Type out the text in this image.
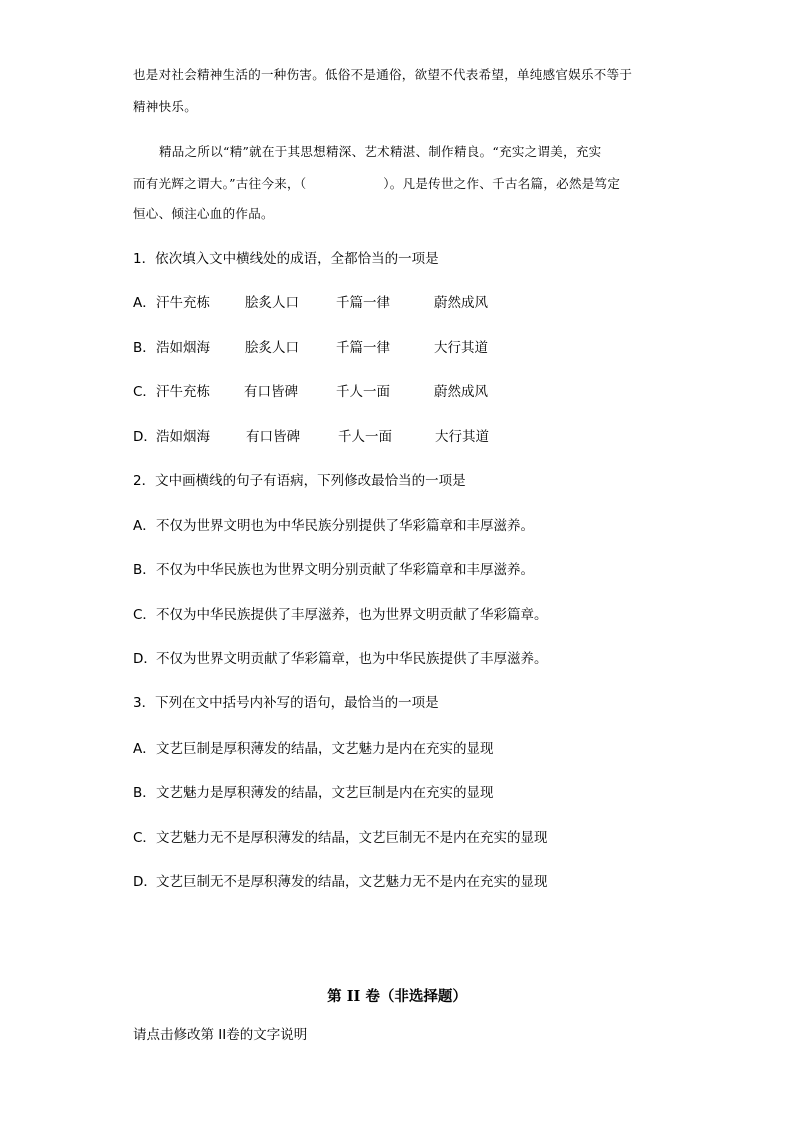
也是对社会精神生活的一种伤害。低俗不是通俗，欲望不代表希望，单纯感官娱乐不等于
精神快乐。
精品之所以“精”就在于其思想精深、艺术精湛、制作精良。“充实之谓美，充实
而有光辉之谓大。”古往今来，（　　　　　　）。凡是传世之作、千古名篇，必然是笃定
恒心、倾注心血的作品。
1．依次填入文中横线处的成语，全都恰当的一项是
A． 汗牛充栋	脍炙人口	千篇一律	蔚然成风
B． 浩如烟海	脍炙人口	千篇一律	大行其道
C． 汗牛充栋	有口皆碑	千人一面	蔚然成风
D． 浩如烟海	有口皆碑	千人一面	大行其道
2．文中画横线的句子有语病，下列修改最恰当的一项是
A． 不仅为世界文明也为中华民族分别提供了华彩篇章和丰厚滋养。
B． 不仅为中华民族也为世界文明分别贡献了华彩篇章和丰厚滋养。
C． 不仅为中华民族提供了丰厚滋养，也为世界文明贡献了华彩篇章。
D． 不仅为世界文明贡献了华彩篇章，也为中华民族提供了丰厚滋养。
3．下列在文中括号内补写的语句，最恰当的一项是
A． 文艺巨制是厚积薄发的结晶，文艺魅力是内在充实的显现
B． 文艺魅力是厚积薄发的结晶，文艺巨制是内在充实的显现
C． 文艺魅力无不是厚积薄发的结晶，文艺巨制无不是内在充实的显现
D． 文艺巨制无不是厚积薄发的结晶，文艺魅力无不是内在充实的显现
第 II 卷（非选择题）
请点击修改第 II卷的文字说明
